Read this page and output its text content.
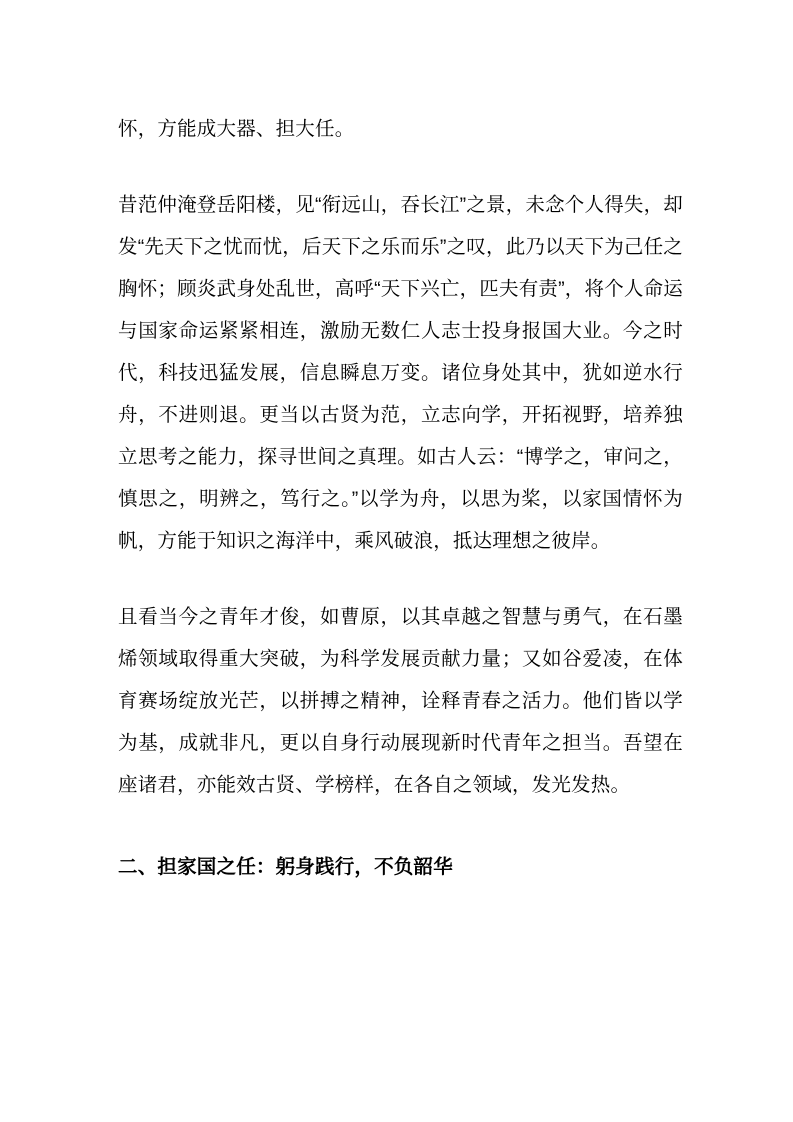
怀，方能成大器、担大任。

昔范仲淹登岳阳楼，见“衔远山，吞长江”之景，未念个人得失，却发“先天下之忧而忧，后天下之乐而乐”之叹，此乃以天下为己任之胸怀；顾炎武身处乱世，高呼“天下兴亡，匹夫有责”，将个人命运与国家命运紧紧相连，激励无数仁人志士投身报国大业。今之时代，科技迅猛发展，信息瞬息万变。诸位身处其中，犹如逆水行舟，不进则退。更当以古贤为范，立志向学，开拓视野，培养独立思考之能力，探寻世间之真理。如古人云：“博学之，审问之，慎思之，明辨之，笃行之。”以学为舟，以思为桨，以家国情怀为帆，方能于知识之海洋中，乘风破浪，抵达理想之彼岸。

且看当今之青年才俊，如曹原，以其卓越之智慧与勇气，在石墨烯领域取得重大突破，为科学发展贡献力量；又如谷爱凌，在体育赛场绽放光芒，以拼搏之精神，诠释青春之活力。他们皆以学为基，成就非凡，更以自身行动展现新时代青年之担当。吾望在座诸君，亦能效古贤、学榜样，在各自之领域，发光发热。

二、担家国之任：躬身践行，不负韶华
